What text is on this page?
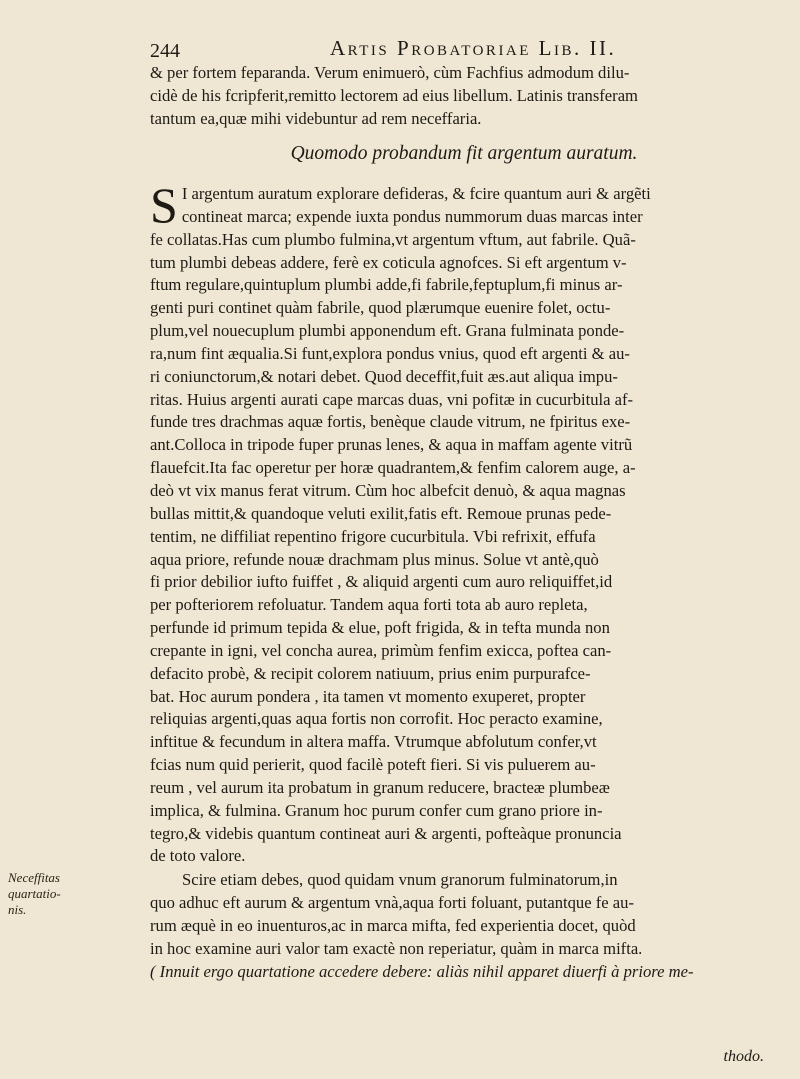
244	Artis Probatoriae Lib. II.
& per fortem feparanda. Verum enimuerò, cùm Fachfius admodum dilu-
cidè de his fcripferit,remitto lectorem ad eius libellum. Latinis transferam
tantum ea,quæ mihi videbuntur ad rem neceffaria.
Quomodo probandum fit argentum auratum.
S I argentum auratum explorare defideras, & fcire quantum auri & argẽti
contineat marca; expende iuxta pondus nummorum duas marcas inter
fe collatas.Has cum plumbo fulmina,vt argentum vftum, aut fabrile. Quã-
tum plumbi debeas addere, ferè ex coticula agnofces. Si eft argentum v-
ftum regulare,quintuplum plumbi adde,fi fabrile,feptuplum,fi minus ar-
genti puri continet quàm fabrile, quod plærumque euenire folet, octu-
plum,vel nouecuplum plumbi apponendum eft. Grana fulminata ponde-
ra,num fint æqualia.Si funt,explora pondus vnius, quod eft argenti & au-
ri coniunctorum,& notari debet. Quod deceffit,fuit æs.aut aliqua impu-
ritas. Huius argenti aurati cape marcas duas, vni pofitæ in cucurbitula af-
funde tres drachmas aquæ fortis, benèque claude vitrum, ne fpiritus exe-
ant.Colloca in tripode fuper prunas lenes, & aqua in maffam agente vitrũ
flauefcit.Ita fac operetur per horæ quadrantem,& fenfim calorem auge, a-
deò vt vix manus ferat vitrum. Cùm hoc albefcit denuò, & aqua magnas
bullas mittit,& quandoque veluti exilit,fatis eft. Remoue prunas pede-
tentim, ne diffiliat repentino frigore cucurbitula. Vbi refrixit, effufa
aqua priore, refunde nouæ drachmam plus minus. Solue vt antè,quò
fi prior debilior iufto fuiffet , & aliquid argenti cum auro reliquiffet,id
per pofteriorem refoluatur. Tandem aqua forti tota ab auro repleta,
perfunde id primum tepida & elue, poft frigida, & in tefta munda non
crepante in igni, vel concha aurea, primùm fenfim exicca, poftea can-
defacito probè, & recipit colorem natiuum, prius enim purpurafce-
bat. Hoc aurum pondera , ita tamen vt momento exuperet, propter
reliquias argenti,quas aqua fortis non corrofit. Hoc peracto examine,
inftitue & fecundum in altera maffa. Vtrumque abfolutum confer,vt
fcias num quid perierit, quod facilè poteft fieri. Si vis puluerem au-
reum , vel aurum ita probatum in granum reducere, bracteæ plumbeæ
implica, & fulmina. Granum hoc purum confer cum grano priore in-
tegro,& videbis quantum contineat auri & argenti, pofteàque pronuncia
de toto valore.
Neceffitas
quartatio-
nis.
Scire etiam debes, quod quidam vnum granorum fulminatorum,in
quo adhuc eft aurum & argentum vnà,aqua forti foluant, putantque fe au-
rum æquè in eo inuenturos,ac in marca mifta, fed experientia docet, quòd
in hoc examine auri valor tam exactè non reperiatur, quàm in marca mifta.
( Innuit ergo quartatione accedere debere: aliàs nihil apparet diuerfi à priore me-
thodo.
